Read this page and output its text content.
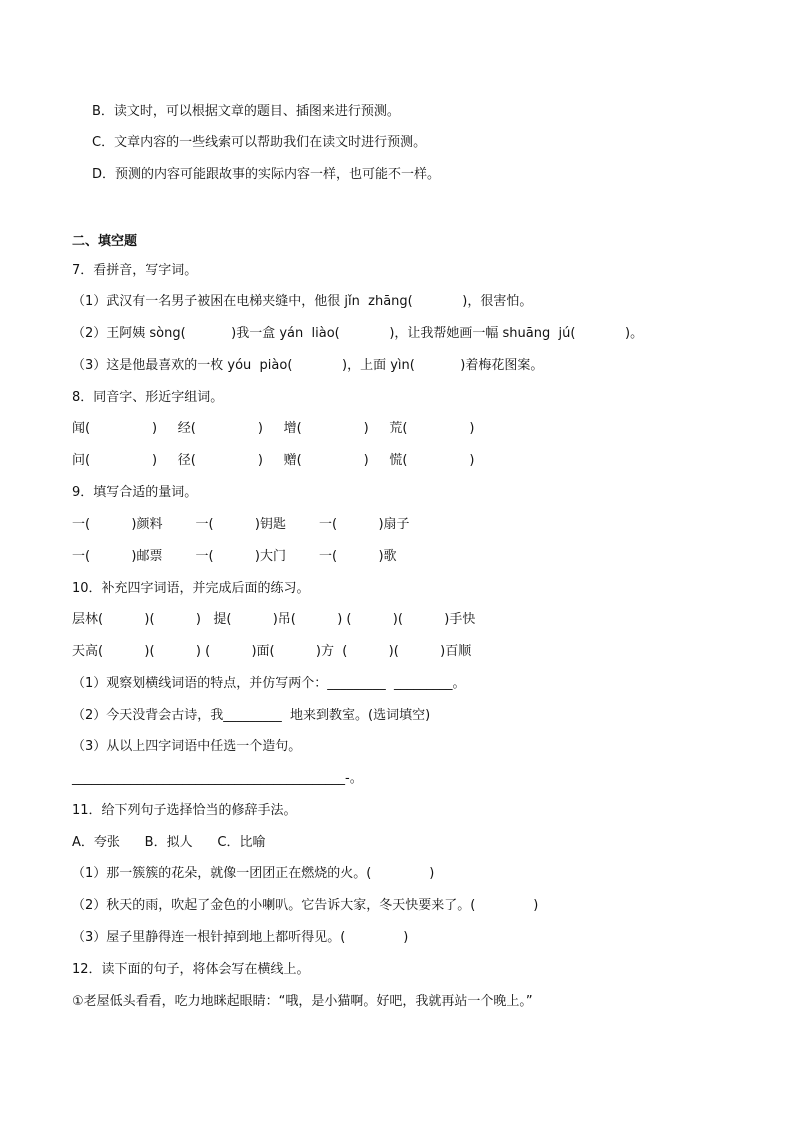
B．读文时，可以根据文章的题目、插图来进行预测。
C．文章内容的一些线索可以帮助我们在读文时进行预测。
D．预测的内容可能跟故事的实际内容一样，也可能不一样。
二、填空题
7．看拼音，写字词。
（1）武汉有一名男子被困在电梯夹缝中，他很 jǐn  zhāng(            )，很害怕。
（2）王阿姨 sòng(           )我一盒 yán  liào(            )，让我帮她画一幅 shuāng  jú(            )。
（3）这是他最喜欢的一枚 yóu  piào(            )，上面 yìn(           )着梅花图案。
8．同音字、形近字组词。
闻(               )     经(               )     增(               )     荒(               )
问(               )     径(               )     赠(               )     慌(               )
9．填写合适的量词。
一(          )颜料        一(          )钥匙        一(          )扇子
一(          )邮票        一(          )大门        一(          )歌
10．补充四字词语，并完成后面的练习。
层林(          )(          )   提(          )吊(          ) (          )(          )手快
天高(          )(          ) (          )面(          )方  (          )(          )百顺
（1）观察划横线词语的特点，并仿写两个：_________  _________。
（2）今天没背会古诗，我_________  地来到教室。(选词填空)
（3）从以上四字词语中任选一个造句。
__________________________________________-。
11．给下列句子选择恰当的修辞手法。
A．夸张      B．拟人      C．比喻
（1）那一簇簇的花朵，就像一团团正在燃烧的火。(              )
（2）秋天的雨，吹起了金色的小喇叭。它告诉大家，冬天快要来了。(              )
（3）屋子里静得连一根针掉到地上都听得见。(              )
12．读下面的句子，将体会写在横线上。
①老屋低头看看，吃力地眯起眼睛：“哦，是小猫啊。好吧，我就再站一个晚上。”
